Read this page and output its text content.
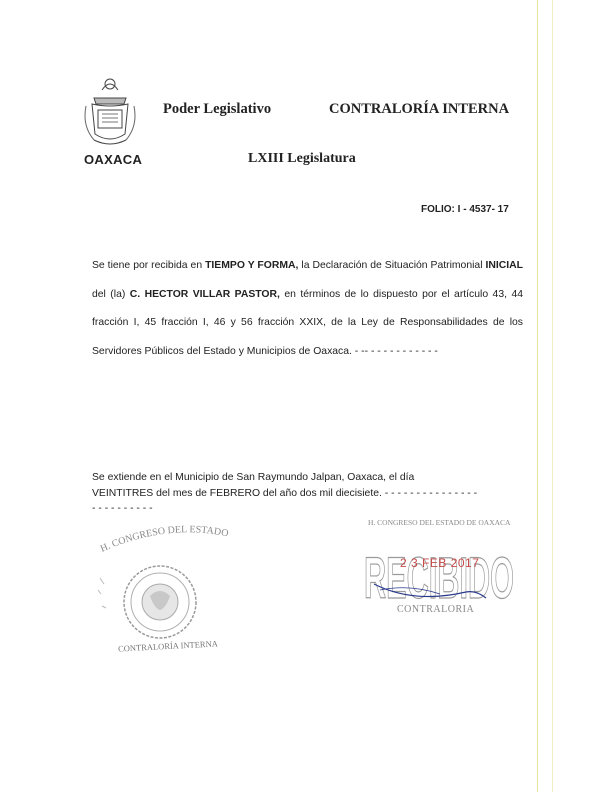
OAXACA
Poder Legislativo	CONTRALORÍA INTERNA
LXIII Legislatura
FOLIO: I - 4537- 17
Se tiene por recibida en TIEMPO Y FORMA, la Declaración de Situación Patrimonial INICIAL del (la) C. HECTOR VILLAR PASTOR, en términos de lo dispuesto por el artículo 43, 44 fracción I, 45 fracción I, 46 y 56 fracción XXIX, de la Ley de Responsabilidades de los Servidores Públicos del Estado y Municipios de Oaxaca. - -- - - - - - - - - - - -
Se extiende en el Municipio de San Raymundo Jalpan, Oaxaca, el día
VEINTITRES del mes de FEBRERO del año dos mil diecisiete. - - - - - - - - - - - - - - -
- - - - - - - - - -
H. CONGRESO DEL ESTADO
CONTRALORÍA INTERNA
H. CONGRESO DEL ESTADO DE OAXACA
RECIBIDO
2 3 FEB 2017
CONTRALORIA
